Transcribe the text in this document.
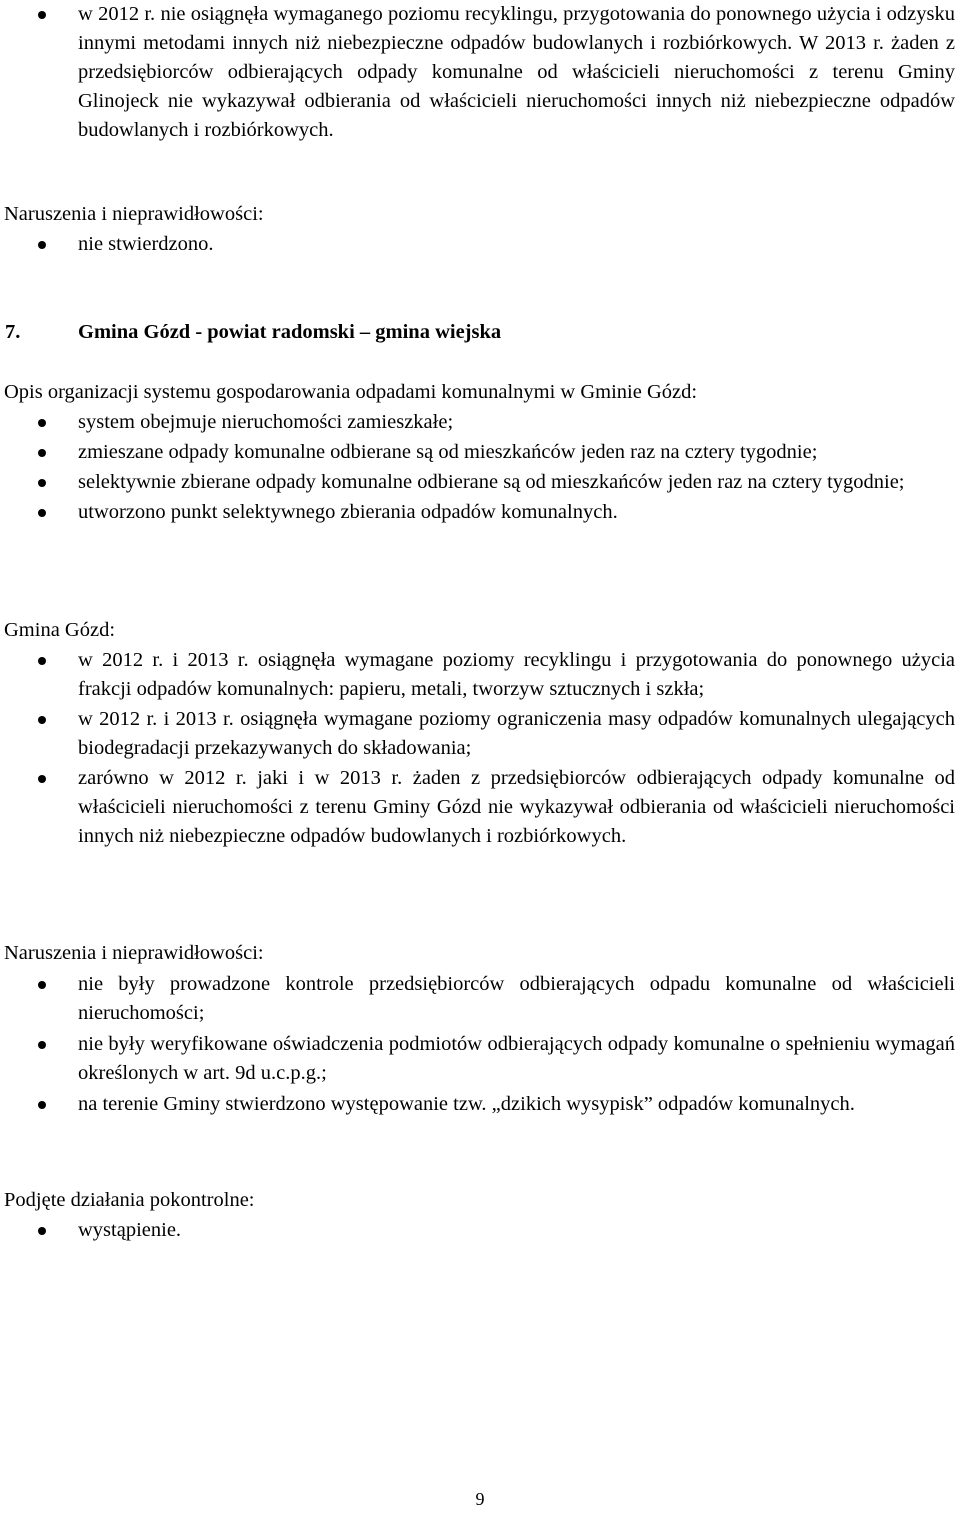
w 2012 r. nie osiągnęła wymaganego poziomu recyklingu, przygotowania do ponownego użycia i odzysku innymi metodami innych niż niebezpieczne odpadów budowlanych i rozbiórkowych. W 2013 r. żaden z przedsiębiorców odbierających odpady komunalne od właścicieli nieruchomości z terenu Gminy Glinojeck nie wykazywał odbierania od właścicieli nieruchomości innych niż niebezpieczne odpadów budowlanych i rozbiórkowych.

Naruszenia i nieprawidłowości:

nie stwierdzono.

7.	Gmina Gózd - powiat radomski – gmina wiejska

Opis organizacji systemu gospodarowania odpadami komunalnymi w Gminie Gózd:

system obejmuje nieruchomości zamieszkałe;
zmieszane odpady komunalne odbierane są od mieszkańców jeden raz na cztery tygodnie;
selektywnie zbierane odpady komunalne odbierane są od mieszkańców jeden raz na cztery tygodnie;
utworzono punkt selektywnego zbierania odpadów komunalnych.

Gmina Gózd:

w 2012 r. i 2013 r. osiągnęła wymagane poziomy recyklingu i przygotowania do ponownego użycia frakcji odpadów komunalnych: papieru, metali, tworzyw sztucznych i szkła;
w 2012 r. i 2013 r. osiągnęła wymagane poziomy ograniczenia masy odpadów komunalnych ulegających biodegradacji przekazywanych do składowania;
zarówno w 2012 r. jaki i w 2013 r. żaden z przedsiębiorców odbierających odpady komunalne od właścicieli nieruchomości z terenu Gminy Gózd nie wykazywał odbierania od właścicieli nieruchomości innych niż niebezpieczne odpadów budowlanych i rozbiórkowych.

Naruszenia i nieprawidłowości:

nie były prowadzone kontrole przedsiębiorców odbierających odpadu komunalne od właścicieli nieruchomości;
nie były weryfikowane oświadczenia podmiotów odbierających odpady komunalne o spełnieniu wymagań określonych w art. 9d u.c.p.g.;
na terenie Gminy stwierdzono występowanie tzw. „dzikich wysypisk” odpadów komunalnych.

Podjęte działania pokontrolne:

wystąpienie.
9
